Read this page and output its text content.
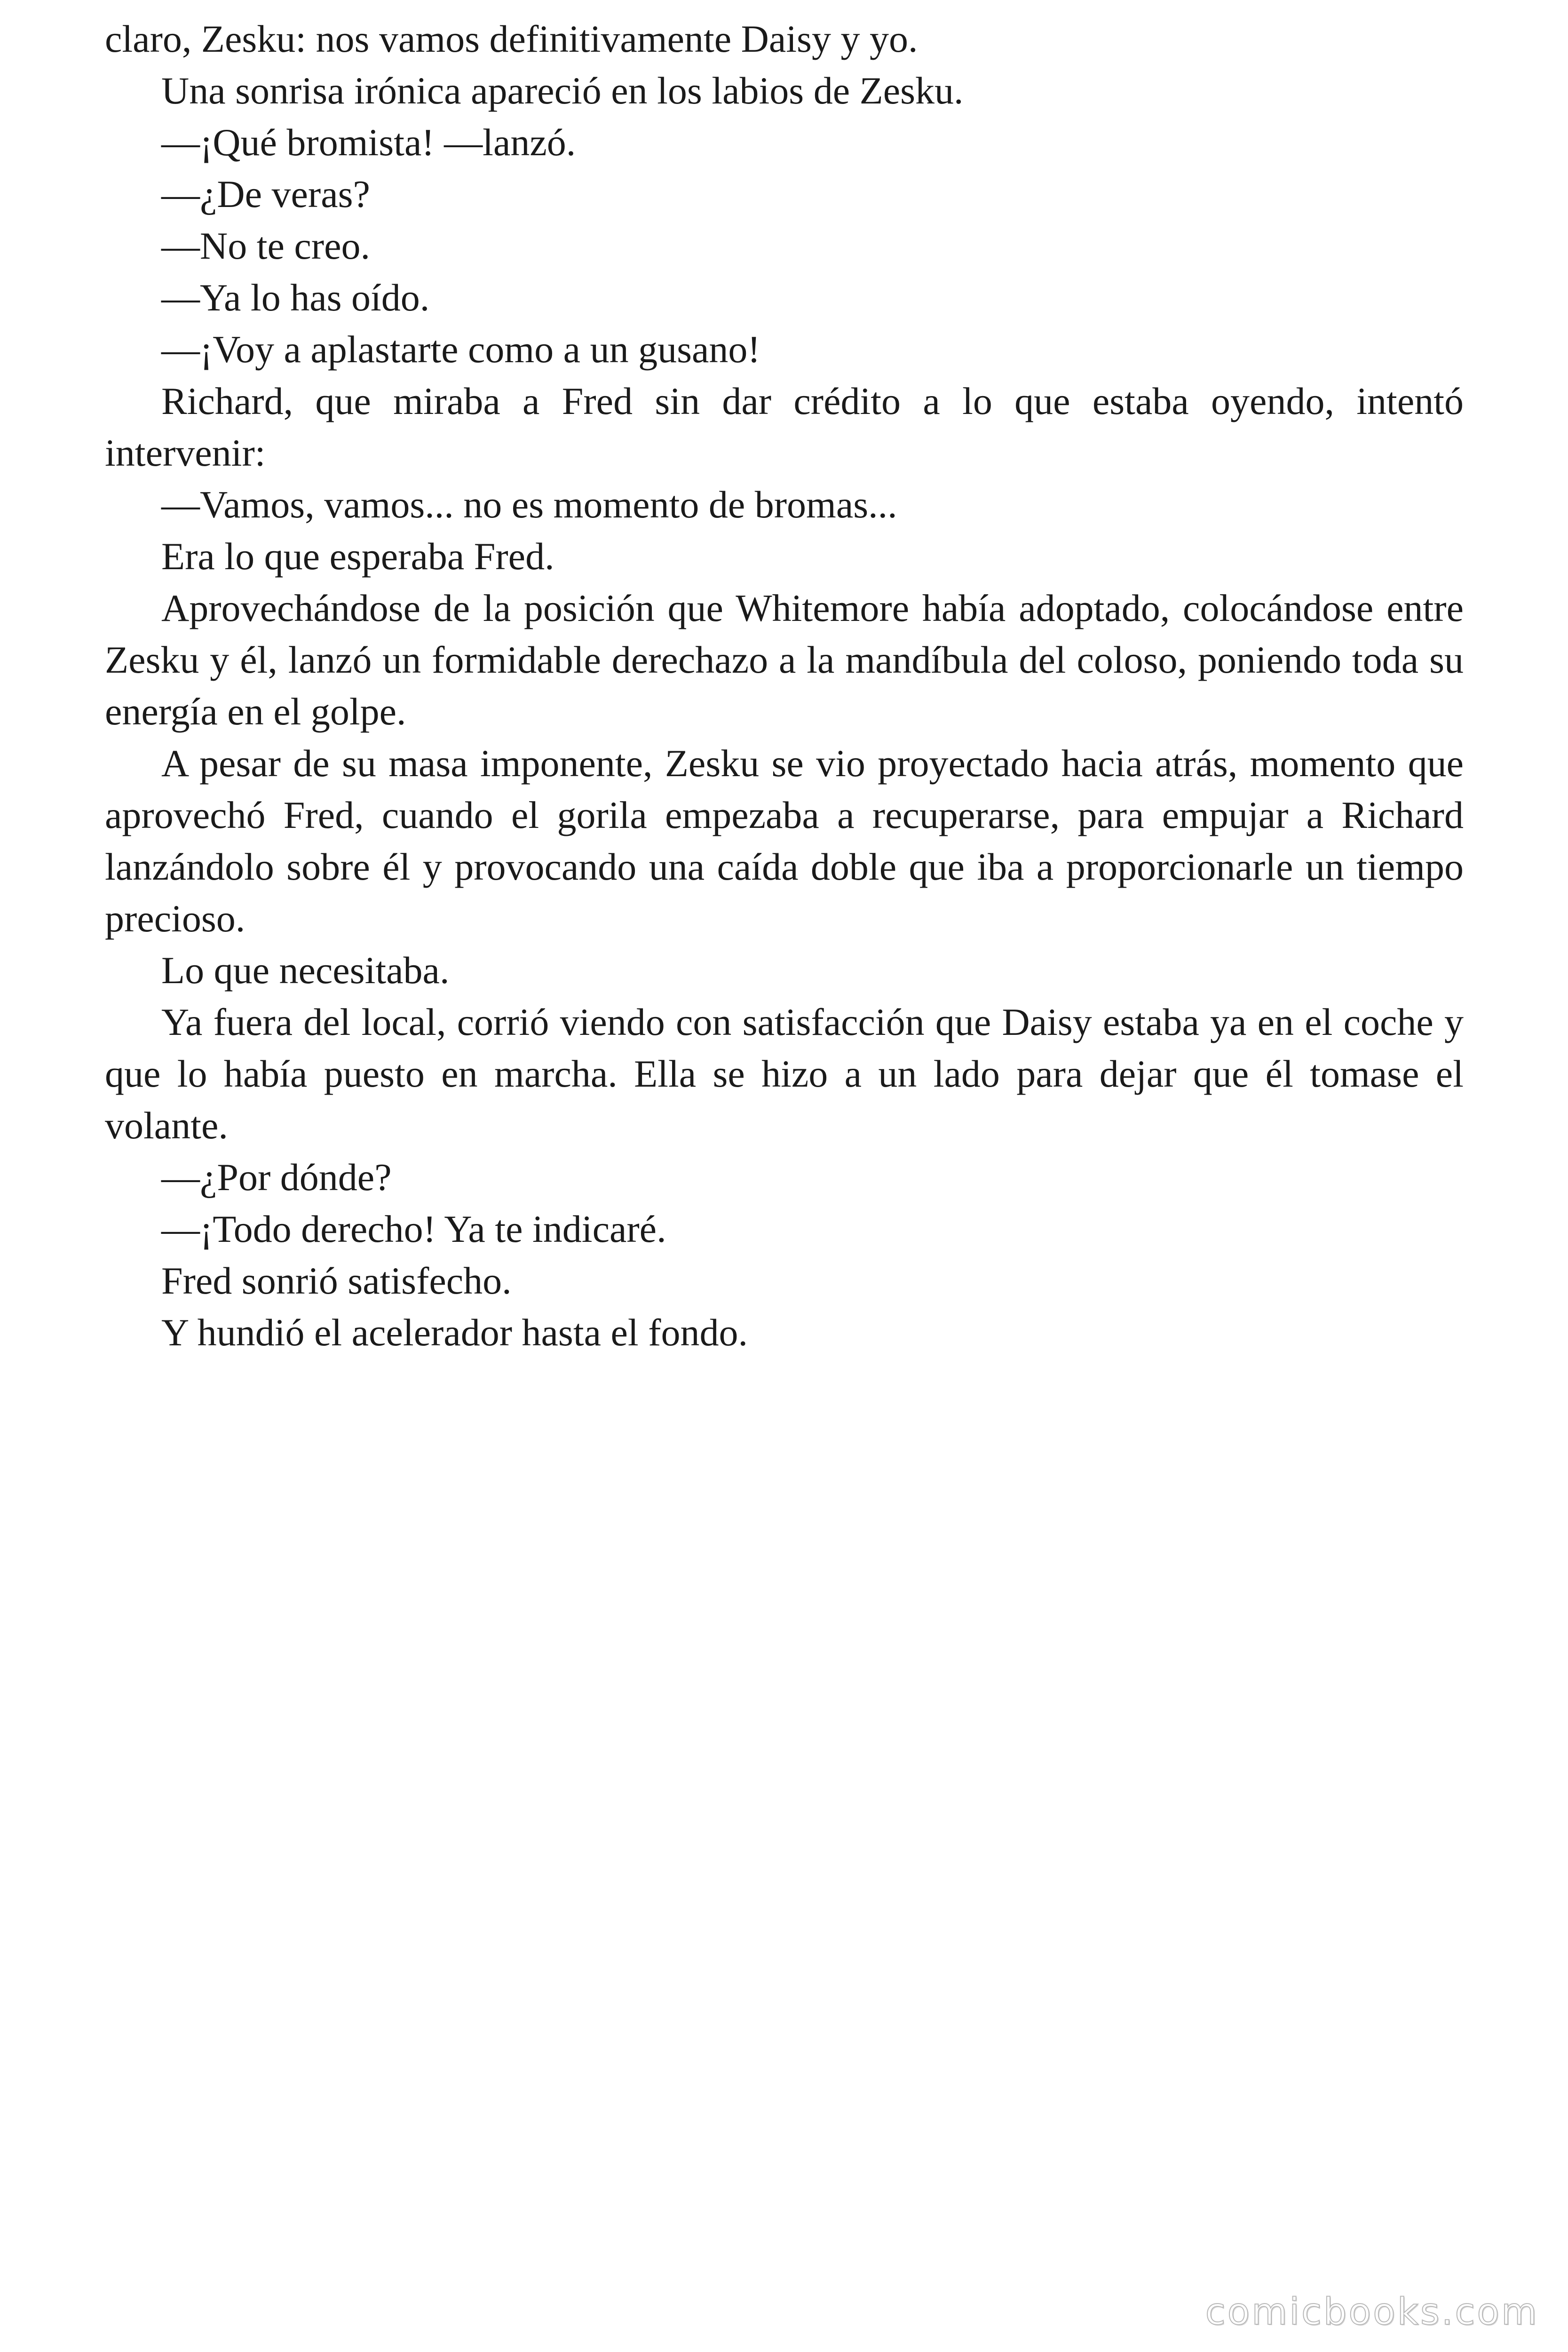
claro, Zesku: nos vamos definitivamente Daisy y yo.

Una sonrisa irónica apareció en los labios de Zesku.

—¡Qué bromista! —lanzó.

—¿De veras?

—No te creo.

—Ya lo has oído.

—¡Voy a aplastarte como a un gusano!

Richard, que miraba a Fred sin dar crédito a lo que estaba oyendo, intentó intervenir:

—Vamos, vamos... no es momento de bromas...

Era lo que esperaba Fred.

Aprovechándose de la posición que Whitemore había adoptado, colocándose entre Zesku y él, lanzó un formidable derechazo a la mandíbula del coloso, poniendo toda su energía en el golpe.

A pesar de su masa imponente, Zesku se vio proyectado hacia atrás, momento que aprovechó Fred, cuando el gorila empezaba a recuperarse, para empujar a Richard lanzándolo sobre él y provocando una caída doble que iba a proporcionarle un tiempo precioso.

Lo que necesitaba.

Ya fuera del local, corrió viendo con satisfacción que Daisy estaba ya en el coche y que lo había puesto en marcha. Ella se hizo a un lado para dejar que él tomase el volante.

—¿Por dónde?

—¡Todo derecho! Ya te indicaré.

Fred sonrió satisfecho.

Y hundió el acelerador hasta el fondo.

comicbooks.com
